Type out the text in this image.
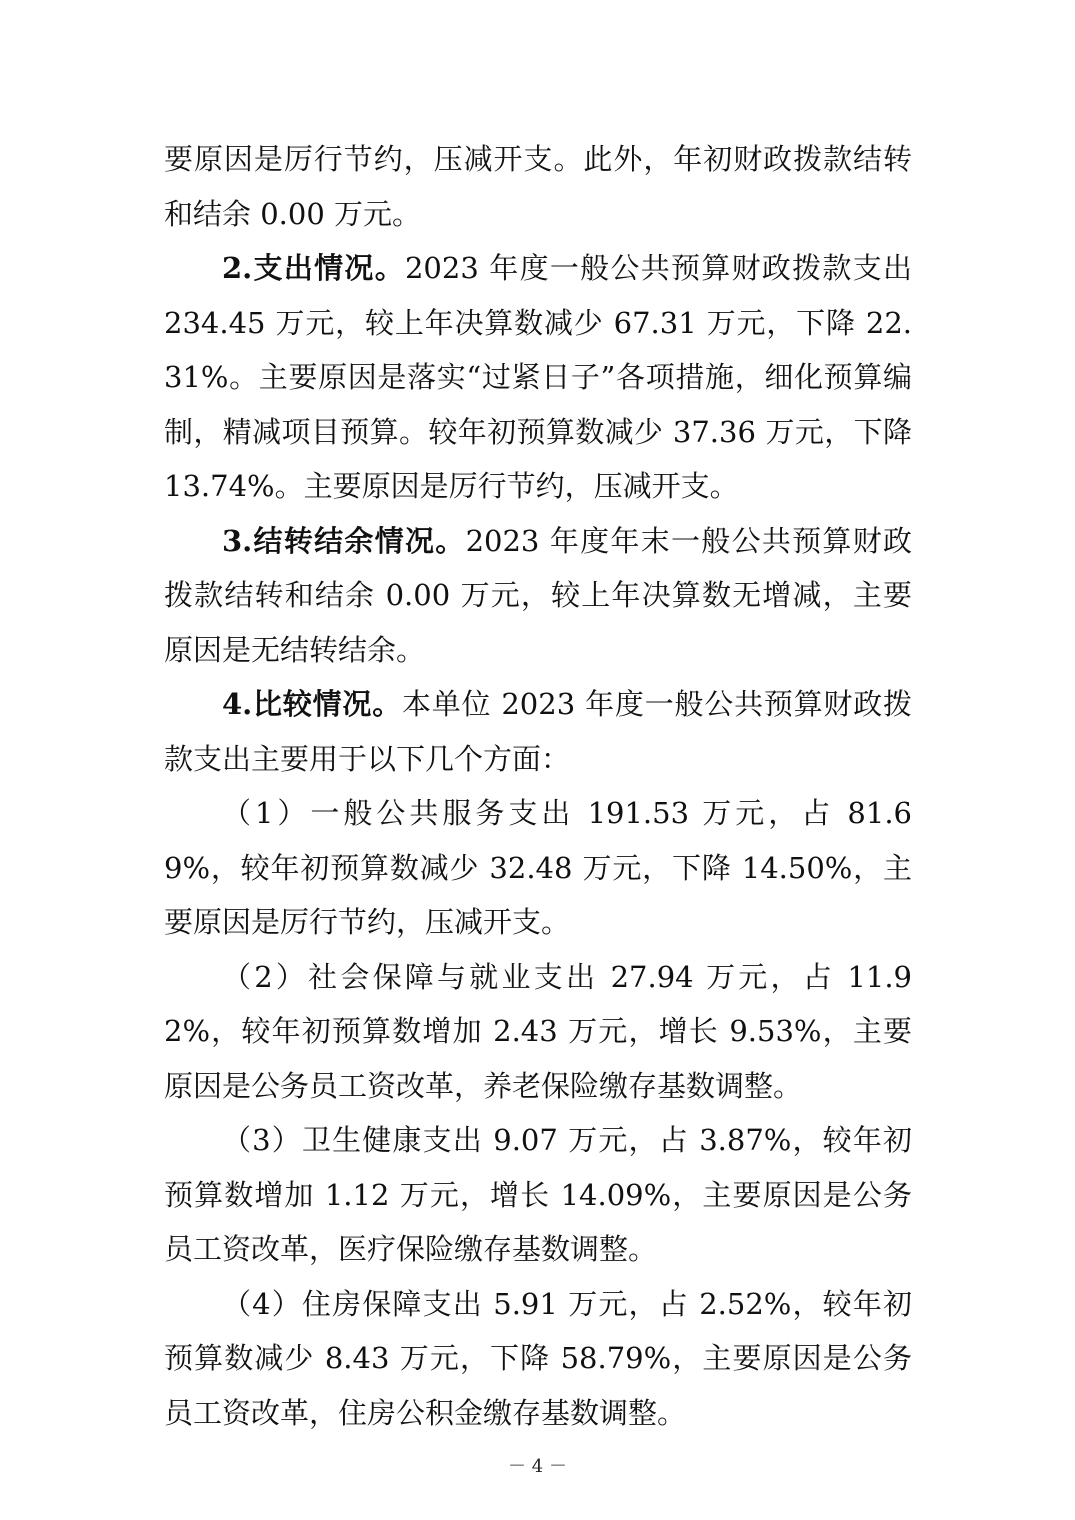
要原因是厉行节约，压减开支。此外，年初财政拨款结转和结余 0.00 万元。

2.支出情况。2023 年度一般公共预算财政拨款支出 234.45 万元，较上年决算数减少 67.31 万元，下降 22.31%。主要原因是落实“过紧日子”各项措施，细化预算编制，精减项目预算。较年初预算数减少 37.36 万元，下降 13.74%。主要原因是厉行节约，压减开支。

3.结转结余情况。2023 年度年末一般公共预算财政拨款结转和结余 0.00 万元，较上年决算数无增减，主要原因是无结转结余。

4.比较情况。本单位 2023 年度一般公共预算财政拨款支出主要用于以下几个方面：

（1）一般公共服务支出 191.53 万元，占 81.69%，较年初预算数减少 32.48 万元，下降 14.50%，主要原因是厉行节约，压减开支。

（2）社会保障与就业支出 27.94 万元，占 11.92%，较年初预算数增加 2.43 万元，增长 9.53%，主要原因是公务员工资改革，养老保险缴存基数调整。

（3）卫生健康支出 9.07 万元，占 3.87%，较年初预算数增加 1.12 万元，增长 14.09%，主要原因是公务员工资改革，医疗保险缴存基数调整。

（4）住房保障支出 5.91 万元，占 2.52%，较年初预算数减少 8.43 万元，下降 58.79%，主要原因是公务员工资改革，住房公积金缴存基数调整。

－ 4 －
